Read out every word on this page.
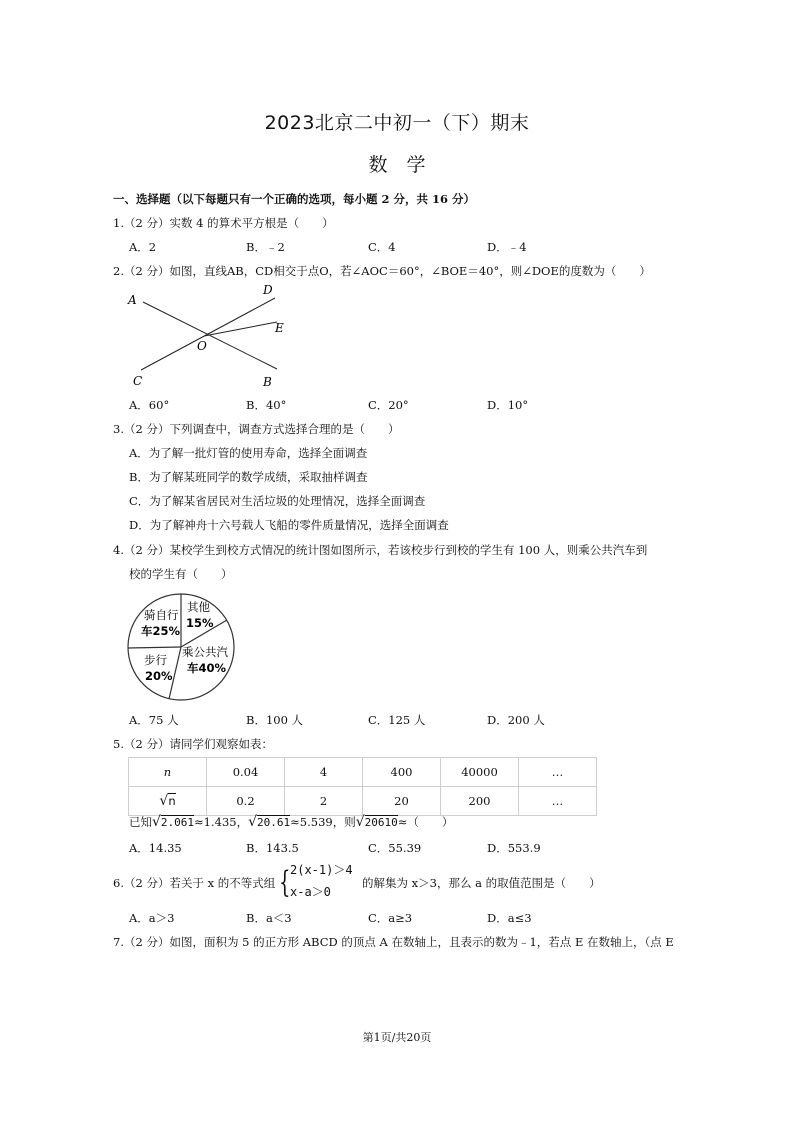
2023北京二中初一（下）期末
数　学
一、选择题（以下每题只有一个正确的选项，每小题 2 分，共 16 分）
1.（2 分）实数 4 的算术平方根是（　　）
A．2	B．﹣2	C．4	D．﹣4
2.（2 分）如图，直线AB，CD相交于点O，若∠AOC＝60°，∠BOE＝40°，则∠DOE的度数为（　　）
A
D
E
O
C	B
A．60°	B．40°	C．20°	D．10°
3.（2 分）下列调查中，调查方式选择合理的是（　　）
A．为了解一批灯管的使用寿命，选择全面调查
B．为了解某班同学的数学成绩，采取抽样调查
C．为了解某省居民对生活垃圾的处理情况，选择全面调查
D．为了解神舟十六号载人飞船的零件质量情况，选择全面调查
4.（2 分）某校学生到校方式情况的统计图如图所示，若该校步行到校的学生有 100 人，则乘公共汽车到
校的学生有（　　）
骑自行
车25%
其他
15%
乘公共汽
车40%
步行
20%
A．75 人	B．100 人	C．125 人	D．200 人
5.（2 分）请同学们观察如表：
n	0.04	4	400	40000	…
√n	0.2	2	20	200	…
已知√2.061≈1.435，√20.61≈5.539，则√20610≈（　　）
A．14.35	B．143.5	C．55.39	D．553.9
6.（2 分）若关于 x 的不等式组 { 2(x-1)＞4
x-a＞0
的解集为 x＞3，那么 a 的取值范围是（　　）
A．a＞3	B．a＜3	C．a≥3	D．a≤3
7.（2 分）如图，面积为 5 的正方形 ABCD 的顶点 A 在数轴上，且表示的数为﹣1，若点 E 在数轴上，（点 E
第1页/共20页
